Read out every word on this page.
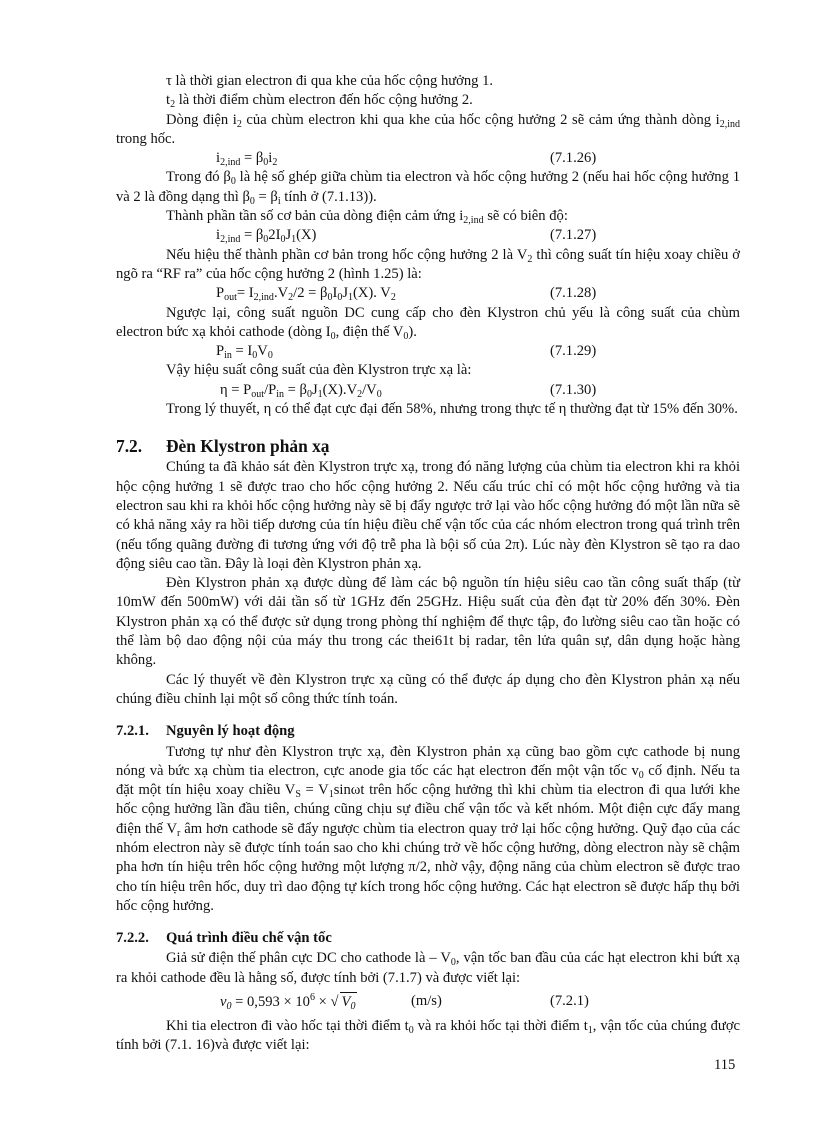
τ là thời gian electron đi qua khe của hốc cộng hưởng 1.

$t_2$ là thời điểm chùm electron đến hốc cộng hưởng 2.

Dòng điện $i_2$ của chùm electron khi qua khe của hốc cộng hưởng 2 sẽ cảm ứng thành dòng $i_{2,ind}$ trong hốc.

$i_{2,ind} = \beta_0i_2$	(7.1.26)

Trong đó $\beta_0$ là hệ số ghép giữa chùm tia electron và hốc cộng hưởng 2 (nếu hai hốc cộng hưởng 1 và 2 là đồng dạng thì $\beta_0 = \beta_i$ tính ở (7.1.13)).

Thành phần tần số cơ bản của dòng điện cảm ứng $i_{2,ind}$ sẽ có biên độ:

$i_{2,ind} = \beta_02I_0J_1(X)$	(7.1.27)

Nếu hiệu thế thành phần cơ bản trong hốc cộng hưởng 2 là $V_2$ thì công suất tín hiệu xoay chiều ở ngõ ra “RF ra” của hốc cộng hưởng 2 (hình 1.25) là:

$P_{out}= I_{2,ind}.V_2/2 = \beta_0I_0J_1(X)$. $V_2$	(7.1.28)

Ngược lại, công suất nguồn DC cung cấp cho đèn Klystron chủ yếu là công suất của chùm electron bức xạ khỏi cathode (dòng $I_0$, điện thế $V_0$).

$P_{in} = I_0V_0$	(7.1.29)

Vậy hiệu suất công suất của đèn Klystron trực xạ là:

$\eta = P_{out}/P_{in} = \beta_0J_1(X).V_2/V_0$	(7.1.30)

Trong lý thuyết, η có thể đạt cực đại đến 58%, nhưng trong thực tế η thường đạt từ 15% đến 30%.

7.2. Đèn Klystron phản xạ

Chúng ta đã khảo sát đèn Klystron trực xạ, trong đó năng lượng của chùm tia electron khi ra khỏi hộc cộng hưởng 1 sẽ được trao cho hốc cộng hưởng 2. Nếu cấu trúc chỉ có một hốc cộng hưởng và tia electron sau khi ra khỏi hốc cộng hưởng này sẽ bị đẩy ngược trở lại vào hốc cộng hưởng đó một lần nữa sẽ có khả năng xảy ra hồi tiếp dương của tín hiệu điều chế vận tốc của các nhóm electron trong quá trình trên (nếu tổng quãng đường đi tương ứng với độ trễ pha là bội số của 2π). Lúc này đèn Klystron sẽ tạo ra dao động siêu cao tần. Đây là loại đèn Klystron phản xạ.

Đèn Klystron phản xạ được dùng để làm các bộ nguồn tín hiệu siêu cao tần công suất thấp (từ 10mW đến 500mW) với dải tần số từ 1GHz đến 25GHz. Hiệu suất của đèn đạt từ 20% đến 30%. Đèn Klystron phản xạ có thể được sử dụng trong phòng thí nghiệm để thực tập, đo lường siêu cao tần hoặc có thể làm bộ dao động nội của máy thu trong các thei61t bị radar, tên lửa quân sự, dân dụng hoặc hàng không.

Các lý thuyết về đèn Klystron trực xạ cũng có thể được áp dụng cho đèn Klystron phản xạ nếu chúng điều chỉnh lại một số công thức tính toán.

7.2.1. Nguyên lý hoạt động

Tương tự như đèn Klystron trực xạ, đèn Klystron phản xạ cũng bao gồm cực cathode bị nung nóng và bức xạ chùm tia electron, cực anode gia tốc các hạt electron đến một vận tốc $v_0$ cố định. Nếu ta đặt một tín hiệu xoay chiều $V_S = V_1\sin\omega t$ trên hốc cộng hưởng thì khi chùm tia electron đi qua lưới khe hốc cộng hưởng lần đầu tiên, chúng cũng chịu sự điều chế vận tốc và kết nhóm. Một điện cực đẩy mang điện thế $V_r$ âm hơn cathode sẽ đẩy ngược chùm tia electron quay trở lại hốc cộng hưởng. Quỹ đạo của các nhóm electron này sẽ được tính toán sao cho khi chúng trở về hốc cộng hưởng, dòng electron này sẽ chậm pha hơn tín hiệu trên hốc cộng hưởng một lượng π/2, nhờ vậy, động năng của chùm electron sẽ được trao cho tín hiệu trên hốc, duy trì dao động tự kích trong hốc cộng hưởng. Các hạt electron sẽ được hấp thụ bởi hốc cộng hưởng.

7.2.2. Quá trình điều chế vận tốc

Giả sử điện thế phân cực DC cho cathode là – $V_0$, vận tốc ban đầu của các hạt electron khi bứt xạ ra khỏi cathode đều là hằng số, được tính bởi (7.1.7) và được viết lại:

$v_0 = 0,593 \times 10^6$ × √ $V_0$	(m/s)	(7.2.1)

Khi tia electron đi vào hốc tại thời điểm $t_0$ và ra khỏi hốc tại thời điểm $t_1$, vận tốc của chúng được tính bởi (7.1. 16)và được viết lại:

115
